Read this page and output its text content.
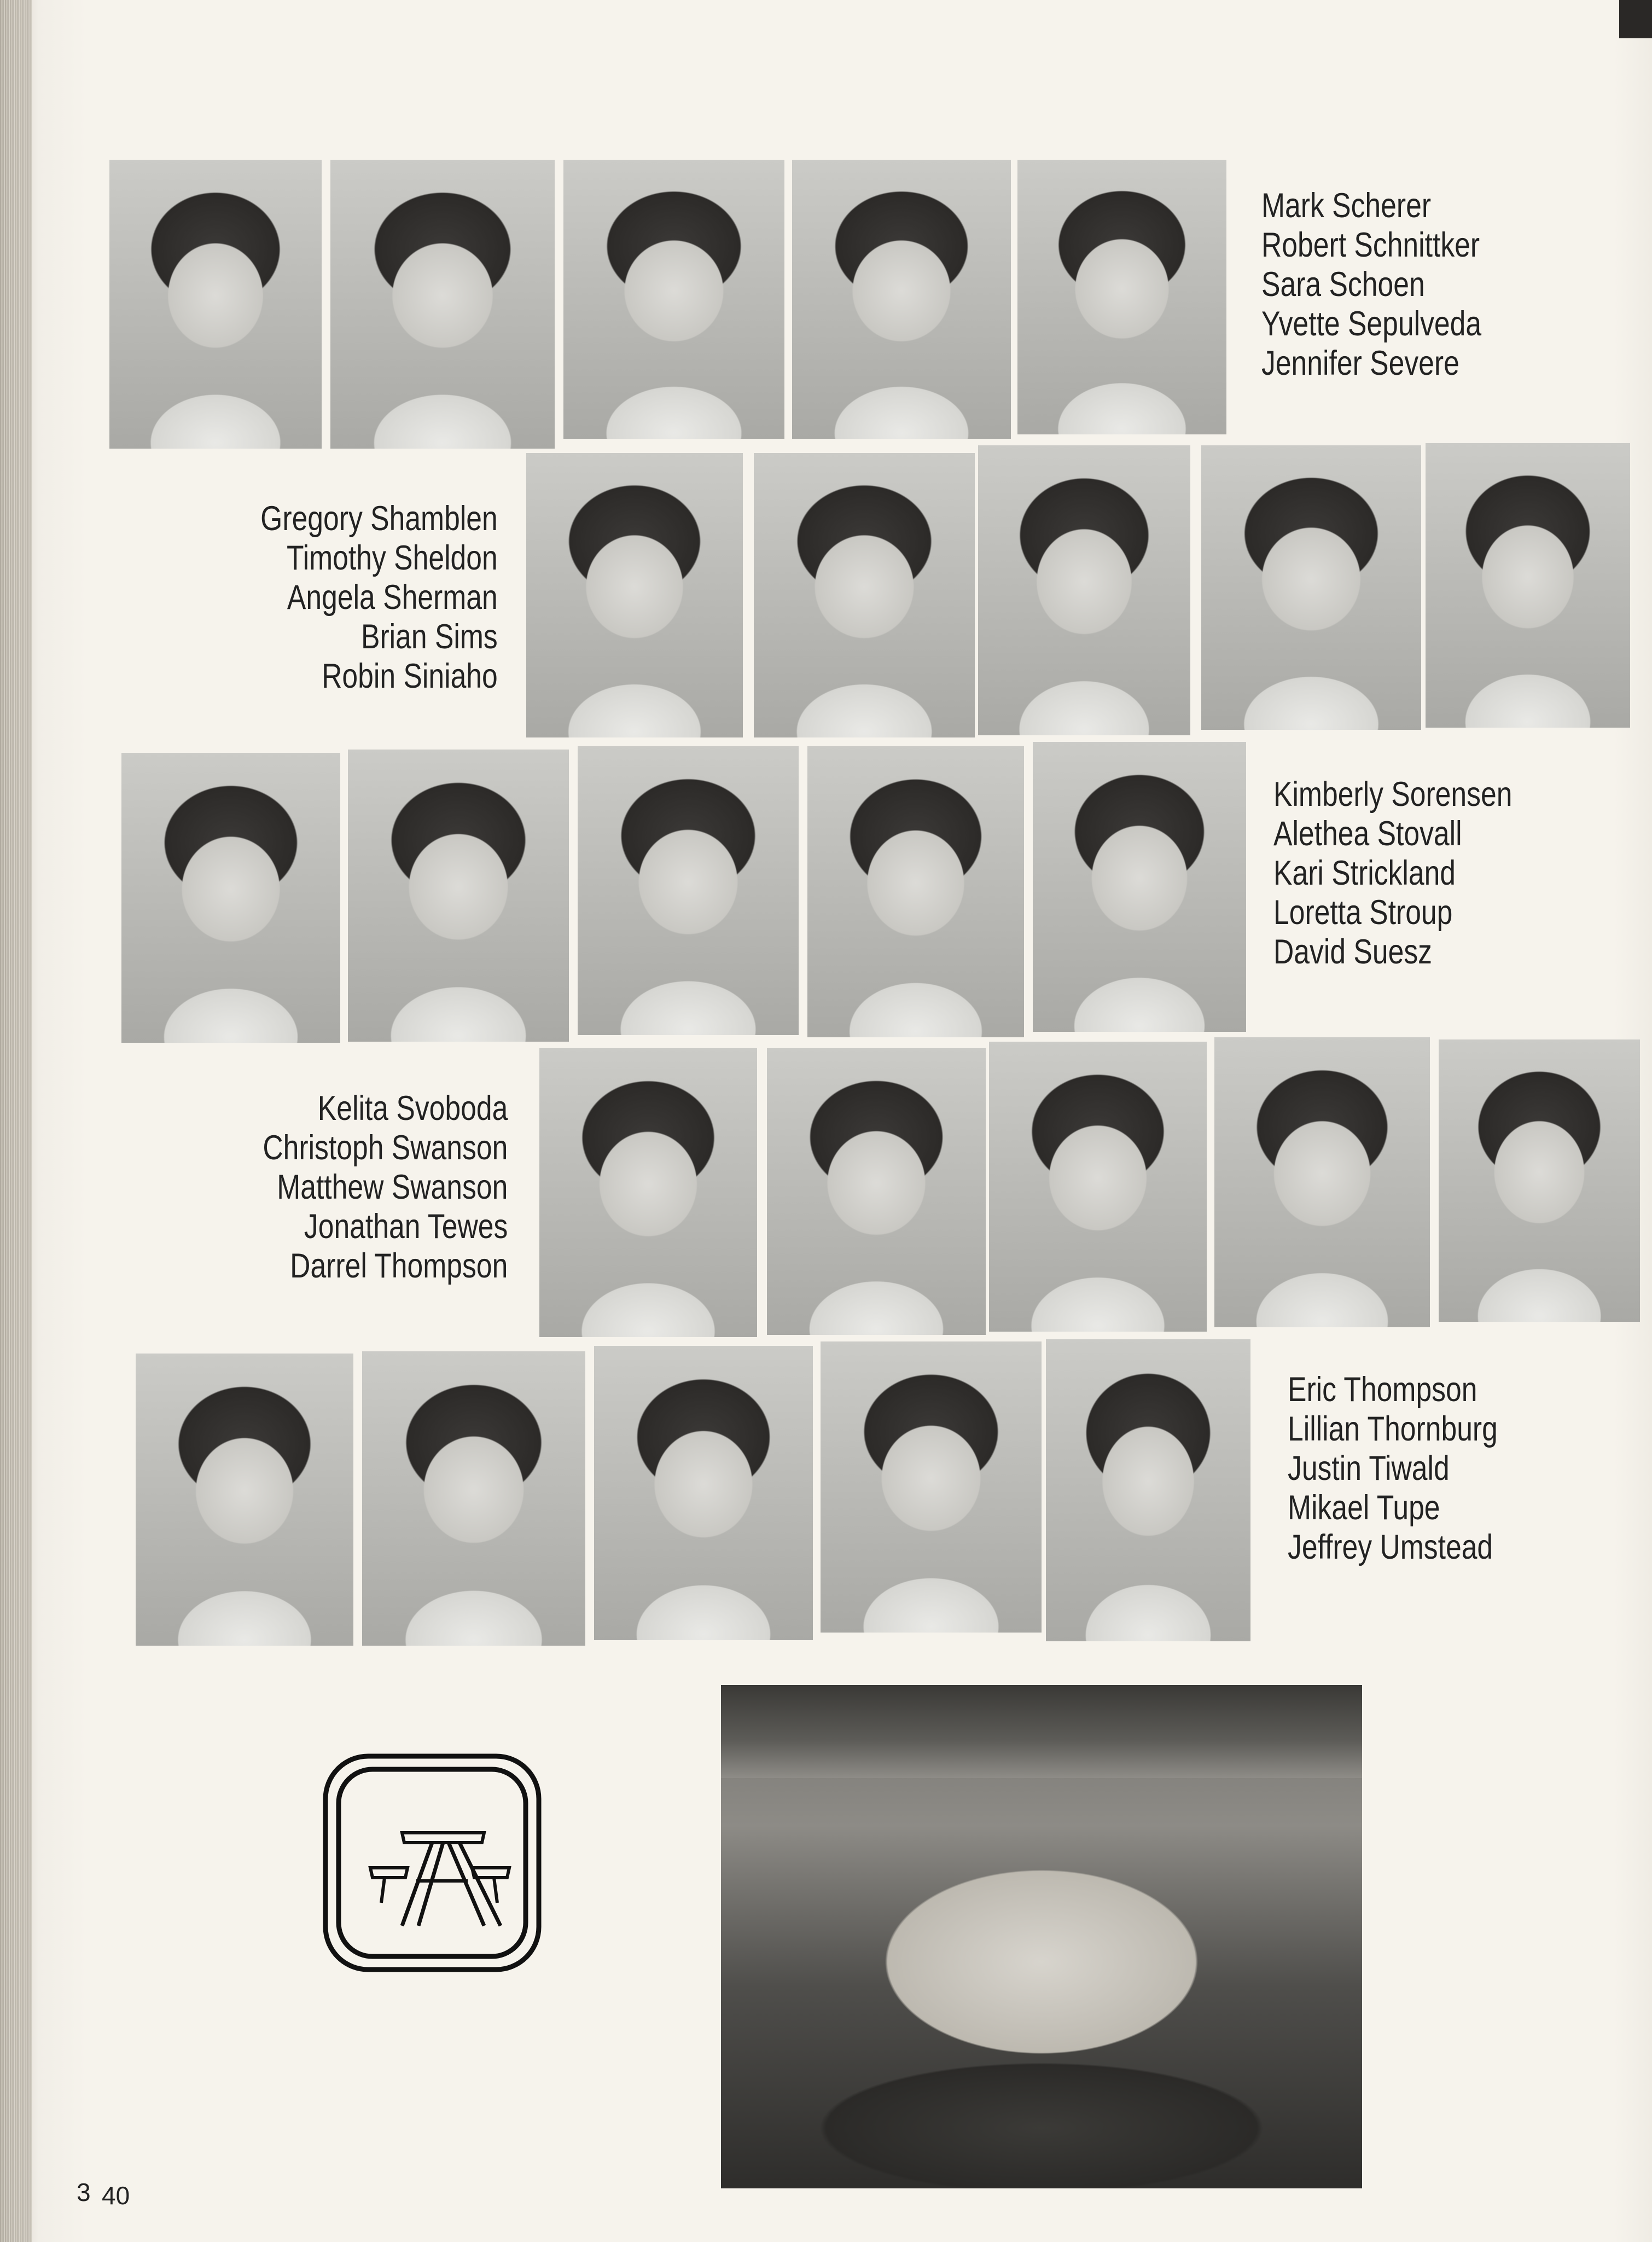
Mark Scherer
Robert Schnittker
Sara Schoen
Yvette Sepulveda
Jennifer Severe
Gregory Shamblen
Timothy Sheldon
Angela Sherman
Brian Sims
Robin Siniaho
Kimberly Sorensen
Alethea Stovall
Kari Strickland
Loretta Stroup
David Suesz
Kelita Svoboda
Christoph Swanson
Matthew Swanson
Jonathan Tewes
Darrel Thompson
Eric Thompson
Lillian Thornburg
Justin Tiwald
Mikael Tupe
Jeffrey Umstead
3 40
